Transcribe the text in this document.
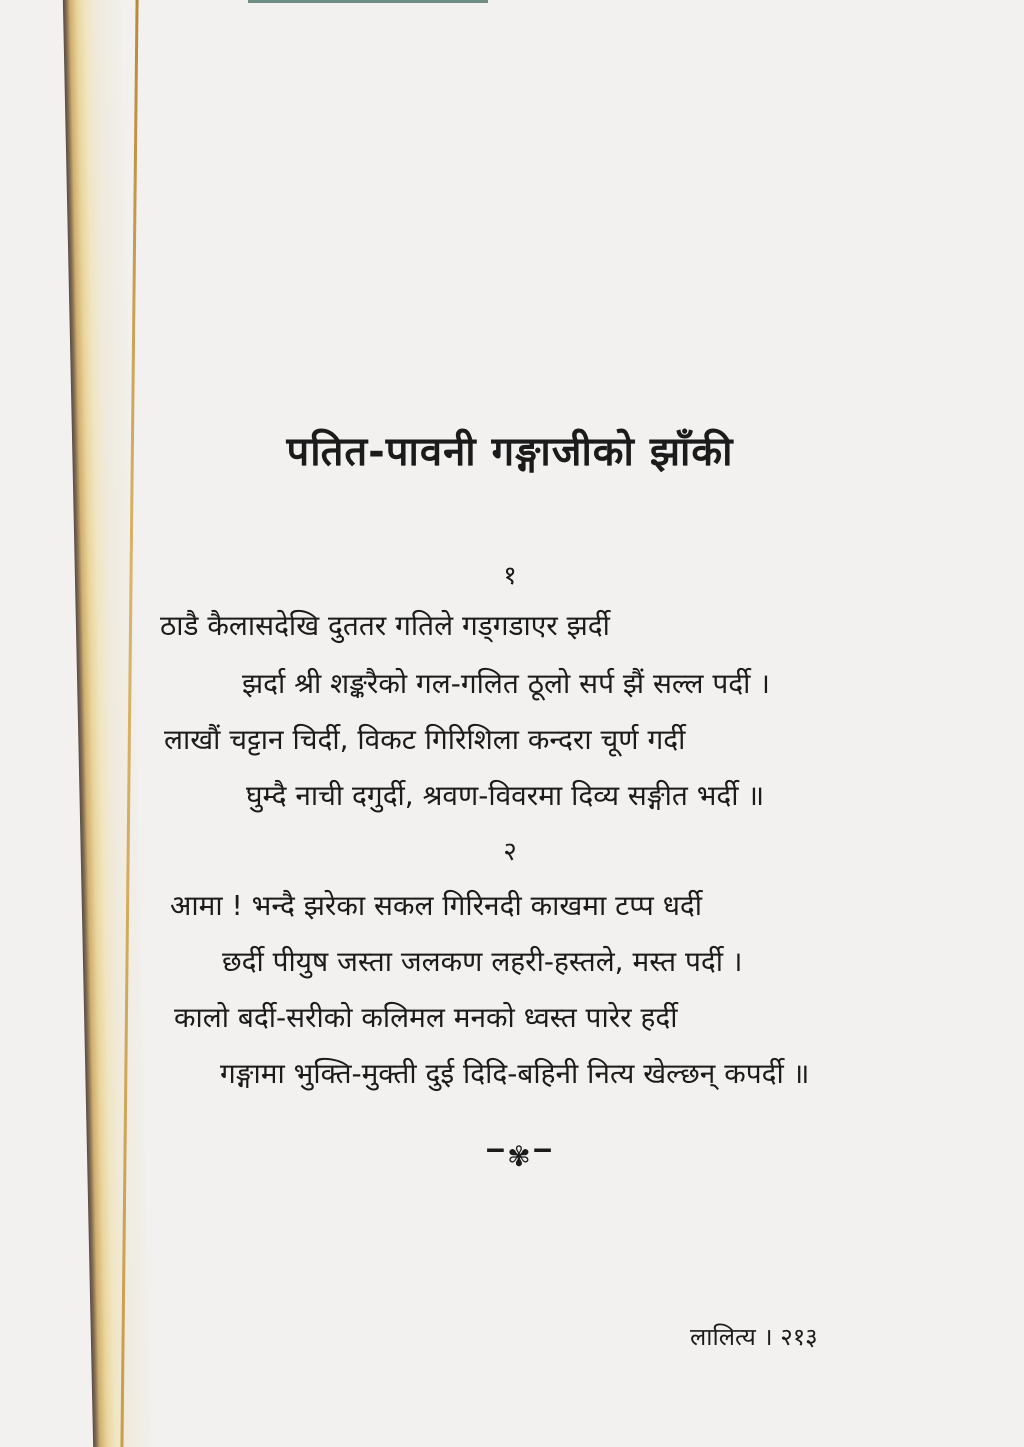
पतित-पावनी गङ्गाजीको झाँकी
१
ठाडै कैलासदेखि दुततर गतिले गड्गडाएर झर्दी
झर्दा श्री शङ्करैको गल-गलित ठूलो सर्प झैं सल्ल पर्दी ।
लाखौं चट्टान चिर्दी, विकट गिरिशिला कन्दरा चूर्ण गर्दी
घुम्दै नाची दगुर्दी, श्रवण-विवरमा दिव्य सङ्गीत भर्दी ॥
२
आमा ! भन्दै झरेका सकल गिरिनदी काखमा टप्प धर्दी
छर्दी पीयुष जस्ता जलकण लहरी-हस्तले, मस्त पर्दी ।
कालो बर्दी-सरीको कलिमल मनको ध्वस्त पारेर हर्दी
गङ्गामा भुक्ति-मुक्ती दुई दिदि-बहिनी नित्य खेल्छन् कपर्दी ॥
ꣻ✾ꣻ
लालित्य । २१३
